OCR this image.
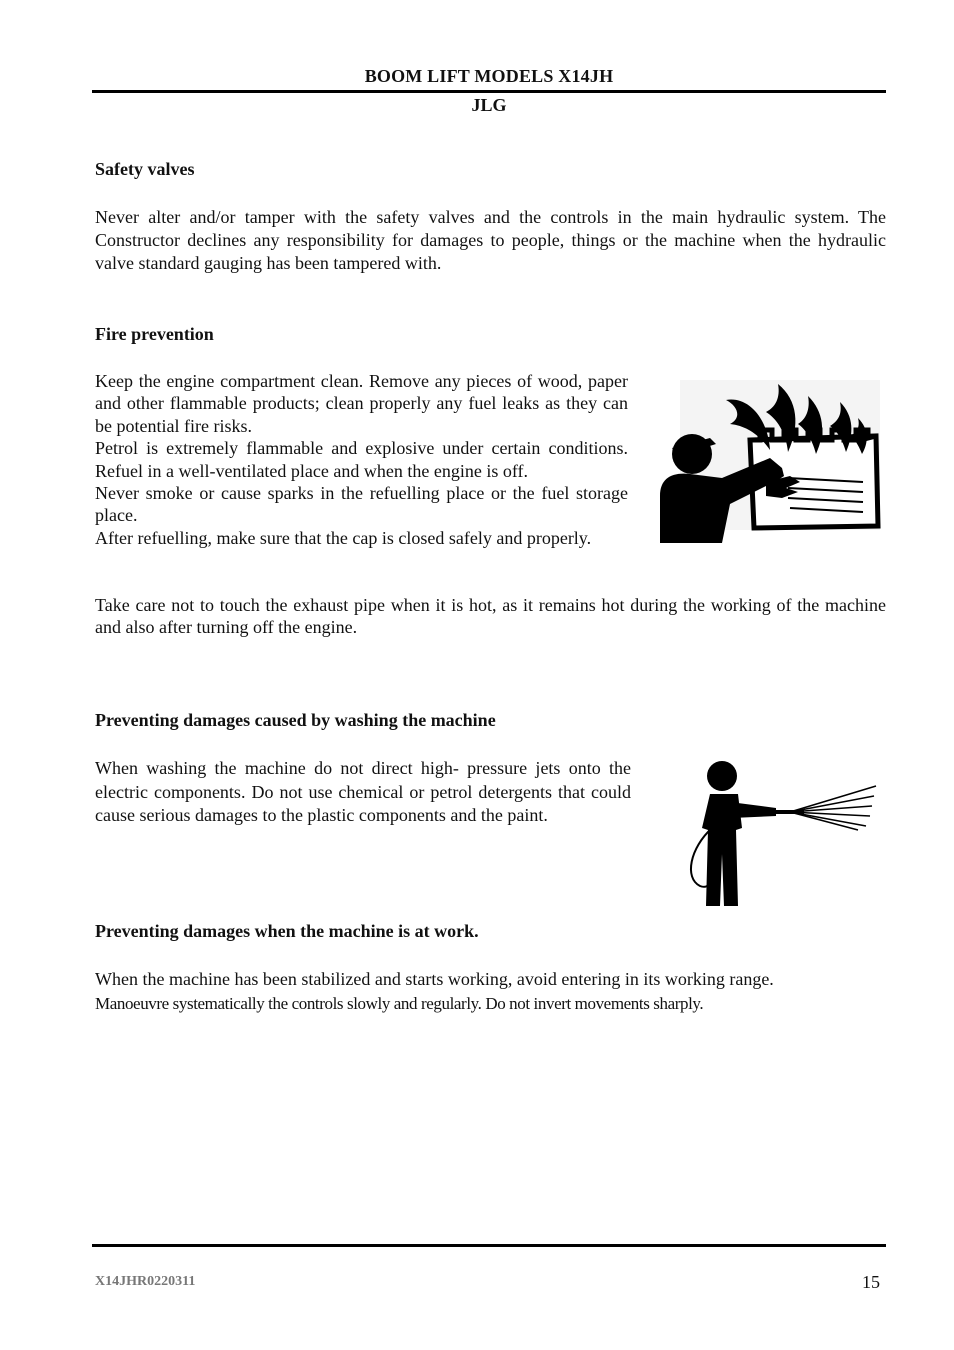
BOOM LIFT MODELS X14JH
JLG
Safety valves

Never alter and/or tamper with the safety valves and the controls in the main hydraulic system. The Constructor declines any responsibility for damages to people, things or the machine when the hydraulic valve standard gauging has been tampered with.

Fire prevention

Keep the engine compartment clean. Remove any pieces of wood, paper and other flammable products; clean properly any fuel leaks as they can be potential fire risks.

Petrol is extremely flammable and explosive under certain conditions. Refuel in a well-ventilated place and when the engine is off.

Never smoke or cause sparks in the refuelling place or the fuel storage place.

After refuelling, make sure that the cap is closed safely and properly.

Take care not to touch the exhaust pipe when it is hot, as it remains hot during the working of the machine and also after turning off the engine.

Preventing damages caused by washing the machine

When washing the machine do not direct high- pressure jets onto the electric components. Do not use chemical or petrol detergents that could cause serious damages to the plastic components and the paint.

Preventing damages when the machine is at work.

When the machine has been stabilized and starts working, avoid entering in its working range.

Manoeuvre systematically the controls slowly and regularly. Do not invert movements sharply.

X14JHR0220311	15
